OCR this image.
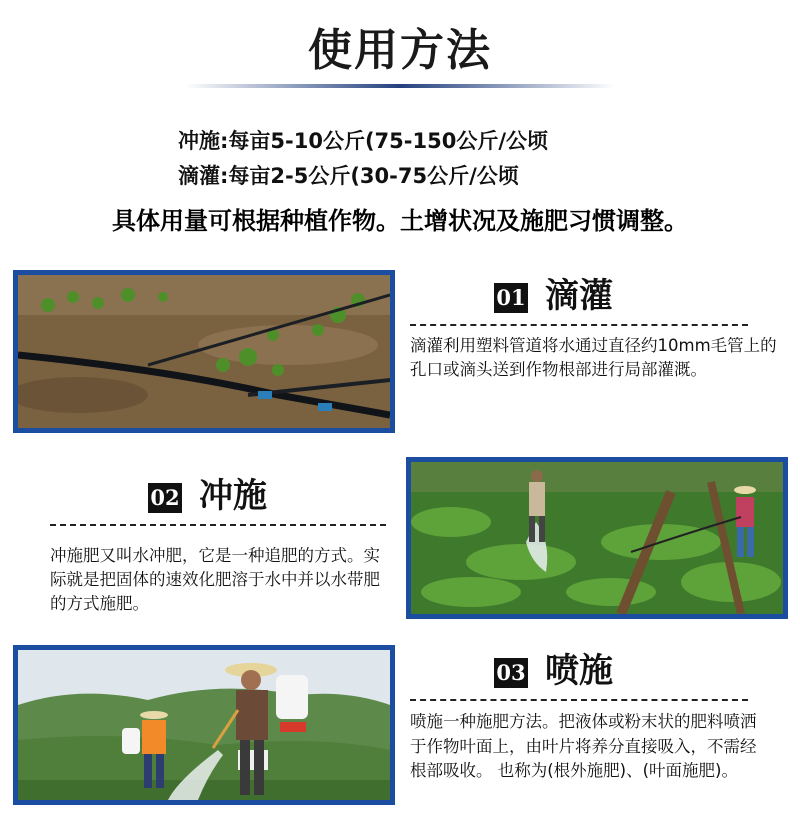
使用方法
冲施:每亩5-10公斤(75-150公斤/公顷
滴灌:每亩2-5公斤(30-75公斤/公顷
具体用量可根据种植作物。土增状况及施肥习惯调整。
01 滴灌
滴灌利用塑料管道将水通过直径约10mm毛管上的孔口或滴头送到作物根部进行局部灌溉。
02 冲施
冲施肥又叫水冲肥，它是一种追肥的方式。实际就是把固体的速效化肥溶于水中并以水带肥的方式施肥。
03 喷施
喷施一种施肥方法。把液体或粉末状的肥料喷洒于作物叶面上，由叶片将养分直接吸入，不需经根部吸收。 也称为(根外施肥)、(叶面施肥)。
